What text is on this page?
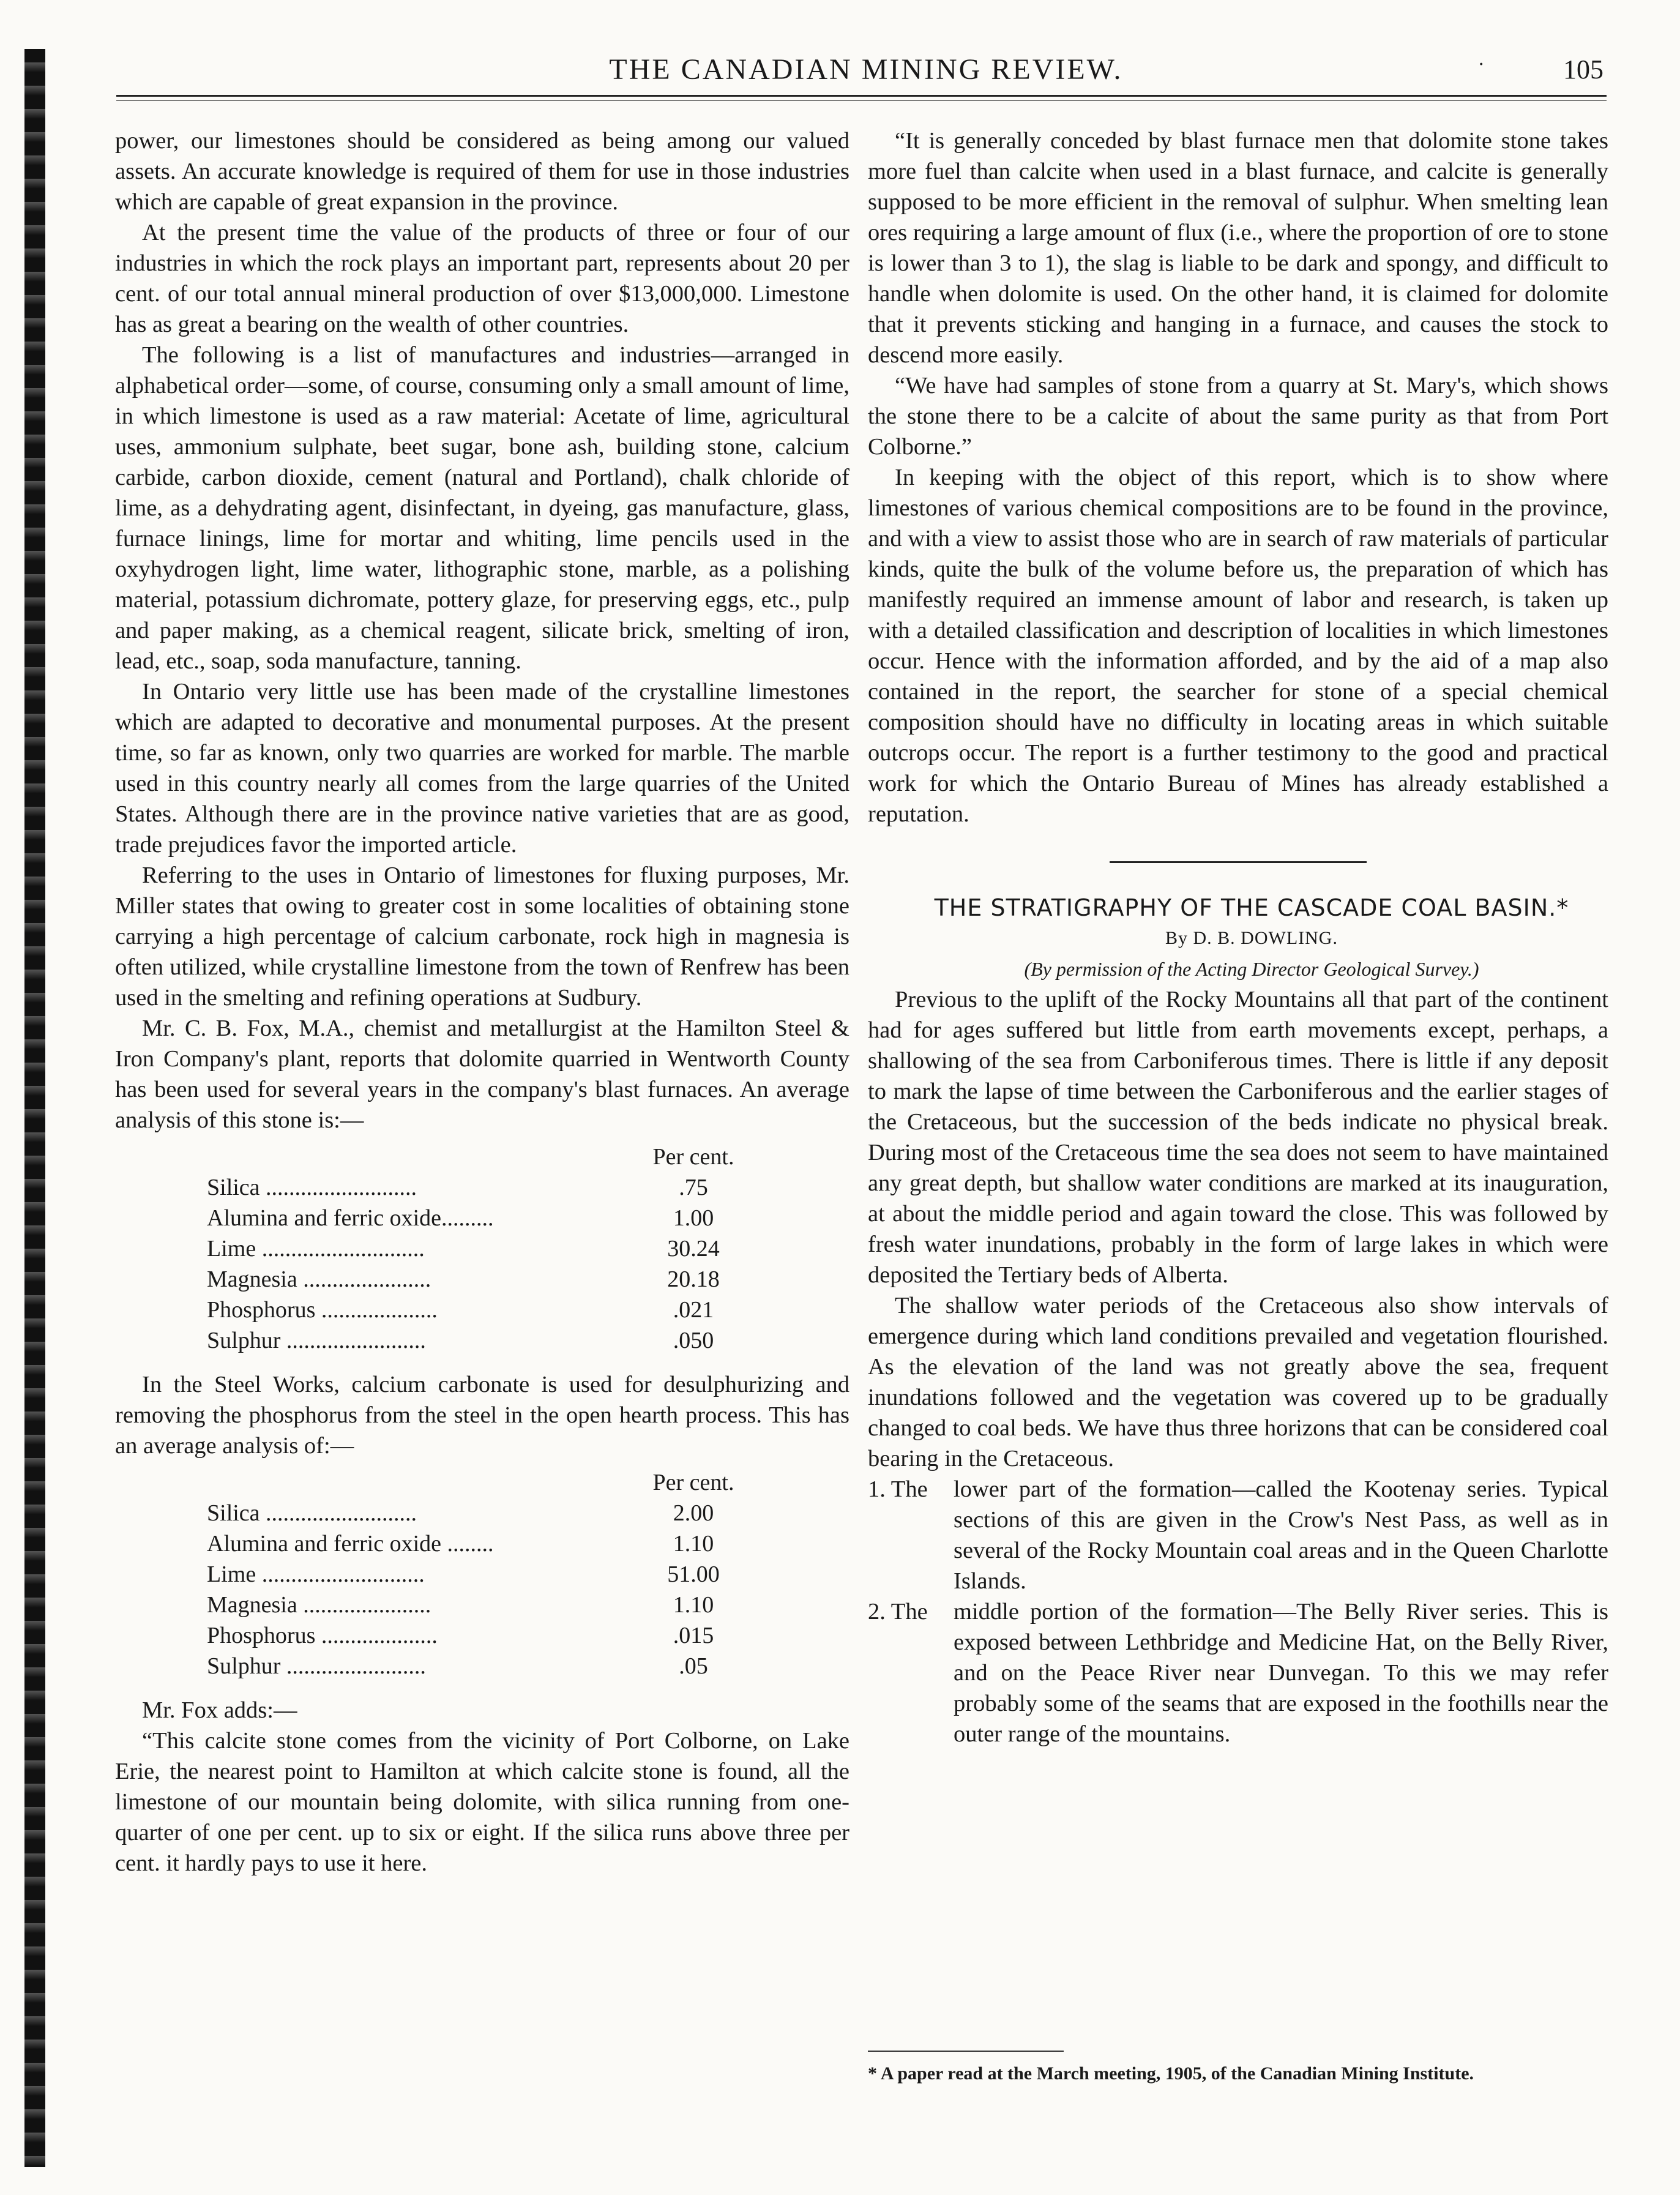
THE CANADIAN MINING REVIEW.	·	105

power, our limestones should be considered as being among our valued assets. An accurate knowledge is required of them for use in those industries which are capable of great expansion in the province.

At the present time the value of the products of three or four of our industries in which the rock plays an important part, represents about 20 per cent. of our total annual mineral production of over $13,000,000. Limestone has as great a bearing on the wealth of other countries.

The following is a list of manufactures and industries—arranged in alphabetical order—some, of course, consuming only a small amount of lime, in which limestone is used as a raw material: Acetate of lime, agricultural uses, ammonium sulphate, beet sugar, bone ash, building stone, calcium carbide, carbon dioxide, cement (natural and Portland), chalk chloride of lime, as a dehydrating agent, disinfectant, in dyeing, gas manufacture, glass, furnace linings, lime for mortar and whiting, lime pencils used in the oxyhydrogen light, lime water, lithographic stone, marble, as a polishing material, potassium dichromate, pottery glaze, for preserving eggs, etc., pulp and paper making, as a chemical reagent, silicate brick, smelting of iron, lead, etc., soap, soda manufacture, tanning.

In Ontario very little use has been made of the crystalline limestones which are adapted to decorative and monumental purposes. At the present time, so far as known, only two quarries are worked for marble. The marble used in this country nearly all comes from the large quarries of the United States. Although there are in the province native varieties that are as good, trade prejudices favor the imported article.

Referring to the uses in Ontario of limestones for fluxing purposes, Mr. Miller states that owing to greater cost in some localities of obtaining stone carrying a high percentage of calcium carbonate, rock high in magnesia is often utilized, while crystalline limestone from the town of Renfrew has been used in the smelting and refining operations at Sudbury.

Mr. C. B. Fox, M.A., chemist and metallurgist at the Hamilton Steel & Iron Company's plant, reports that dolomite quarried in Wentworth County has been used for several years in the company's blast furnaces. An average analysis of this stone is:—

	Per cent.
Silica ..........................	.75
Alumina and ferric oxide.........	1.00
Lime ............................	30.24
Magnesia ......................	20.18
Phosphorus ....................	.021
Sulphur ........................	.050

In the Steel Works, calcium carbonate is used for desulphurizing and removing the phosphorus from the steel in the open hearth process. This has an average analysis of:—

	Per cent.
Silica ..........................	2.00
Alumina and ferric oxide ........	1.10
Lime ............................	51.00
Magnesia ......................	1.10
Phosphorus ....................	.015
Sulphur ........................	.05

Mr. Fox adds:—

“This calcite stone comes from the vicinity of Port Colborne, on Lake Erie, the nearest point to Hamilton at which calcite stone is found, all the limestone of our mountain being dolomite, with silica running from one-quarter of one per cent. up to six or eight. If the silica runs above three per cent. it hardly pays to use it here.

“It is generally conceded by blast furnace men that dolomite stone takes more fuel than calcite when used in a blast furnace, and calcite is generally supposed to be more efficient in the removal of sulphur. When smelting lean ores requiring a large amount of flux (i.e., where the proportion of ore to stone is lower than 3 to 1), the slag is liable to be dark and spongy, and difficult to handle when dolomite is used. On the other hand, it is claimed for dolomite that it prevents sticking and hanging in a furnace, and causes the stock to descend more easily.

“We have had samples of stone from a quarry at St. Mary's, which shows the stone there to be a calcite of about the same purity as that from Port Colborne.”

In keeping with the object of this report, which is to show where limestones of various chemical compositions are to be found in the province, and with a view to assist those who are in search of raw materials of particular kinds, quite the bulk of the volume before us, the preparation of which has manifestly required an immense amount of labor and research, is taken up with a detailed classification and description of localities in which limestones occur. Hence with the information afforded, and by the aid of a map also contained in the report, the searcher for stone of a special chemical composition should have no difficulty in locating areas in which suitable outcrops occur. The report is a further testimony to the good and practical work for which the Ontario Bureau of Mines has already established a reputation.

THE STRATIGRAPHY OF THE CASCADE COAL BASIN.*

By D. B. DOWLING.

(By permission of the Acting Director Geological Survey.)

Previous to the uplift of the Rocky Mountains all that part of the continent had for ages suffered but little from earth movements except, perhaps, a shallowing of the sea from Carboniferous times. There is little if any deposit to mark the lapse of time between the Carboniferous and the earlier stages of the Cretaceous, but the succession of the beds indicate no physical break. During most of the Cretaceous time the sea does not seem to have maintained any great depth, but shallow water conditions are marked at its inauguration, at about the middle period and again toward the close. This was followed by fresh water inundations, probably in the form of large lakes in which were deposited the Tertiary beds of Alberta.

The shallow water periods of the Cretaceous also show intervals of emergence during which land conditions prevailed and vegetation flourished. As the elevation of the land was not greatly above the sea, frequent inundations followed and the vegetation was covered up to be gradually changed to coal beds. We have thus three horizons that can be considered coal bearing in the Cretaceous.

1. The	lower part of the formation—called the Kootenay series. Typical sections of this are given in the Crow's Nest Pass, as well as in several of the Rocky Mountain coal areas and in the Queen Charlotte Islands.
2. The	middle portion of the formation—The Belly River series. This is exposed between Lethbridge and Medicine Hat, on the Belly River, and on the Peace River near Dunvegan. To this we may refer probably some of the seams that are exposed in the foothills near the outer range of the mountains.
* A paper read at the March meeting, 1905, of the Canadian Mining Institute.
